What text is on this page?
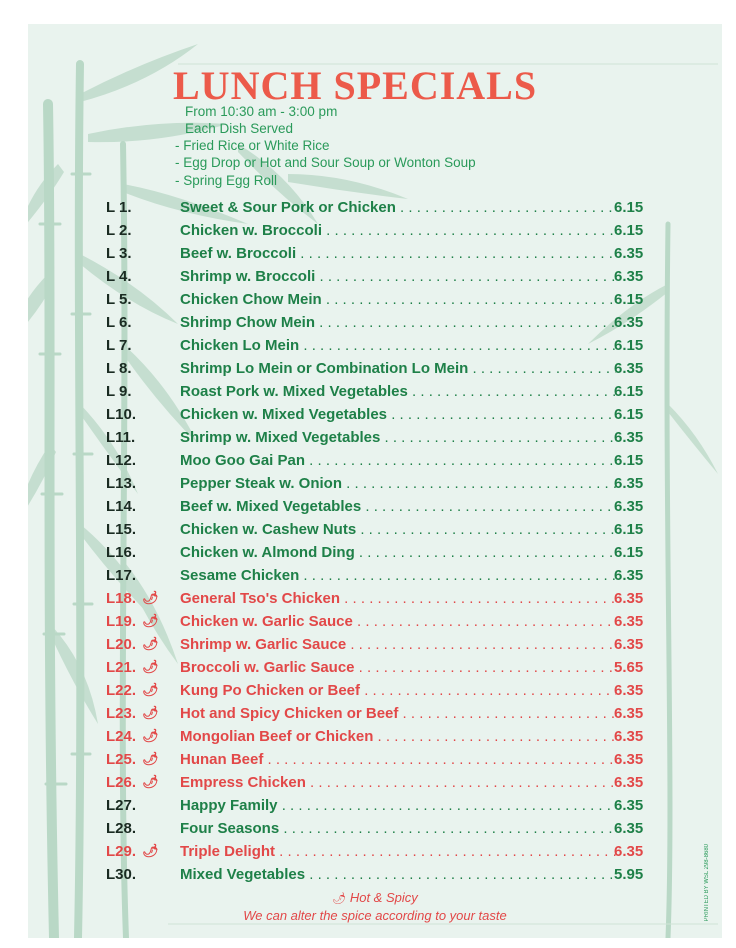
LUNCH SPECIALS
From 10:30 am - 3:00 pm
Each Dish Served
- Fried Rice or White Rice
- Egg Drop or Hot and Sour Soup or Wonton Soup
- Spring Egg Roll
L 1.	Sweet & Sour Pork or Chicken . . .	6.15
L 2.	Chicken w. Broccoli . . .	6.15
L 3.	Beef w. Broccoli . . .	6.35
L 4.	Shrimp w. Broccoli . . .	6.35
L 5.	Chicken Chow Mein . . .	6.15
L 6.	Shrimp Chow Mein . . .	6.35
L 7.	Chicken Lo Mein . . .	6.15
L 8.	Shrimp Lo Mein or Combination Lo Mein . . .	6.35
L 9.	Roast Pork w. Mixed Vegetables . . .	6.15
L10.	Chicken w. Mixed Vegetables . . .	6.15
L11.	Shrimp w. Mixed Vegetables . . .	6.35
L12.	Moo Goo Gai Pan . . .	6.15
L13.	Pepper Steak w. Onion . . .	6.35
L14.	Beef w. Mixed Vegetables . . .	6.35
L15.	Chicken w. Cashew Nuts . . .	6.15
L16.	Chicken w. Almond Ding . . .	6.15
L17.	Sesame Chicken . . .	6.35
L18. 🌶 General Tso's Chicken . . .	6.35
L19. 🌶 Chicken w. Garlic Sauce . . .	6.35
L20. 🌶 Shrimp w. Garlic Sauce . . .	6.35
L21. 🌶 Broccoli w. Garlic Sauce . . .	5.65
L22. 🌶 Kung Po Chicken or Beef . . .	6.35
L23. 🌶 Hot and Spicy Chicken or Beef . . .	6.35
L24. 🌶 Mongolian Beef or Chicken . . .	6.35
L25. 🌶 Hunan Beef . . .	6.35
L26. 🌶 Empress Chicken . . .	6.35
L27.	Happy Family . . .	6.35
L28.	Four Seasons . . .	6.35
L29. 🌶 Triple Delight . . .	6.35
L30.	Mixed Vegetables . . .	5.95
🌶 Hot & Spicy
We can alter the spice according to your taste	PRINTED BY WSL 298-8680
